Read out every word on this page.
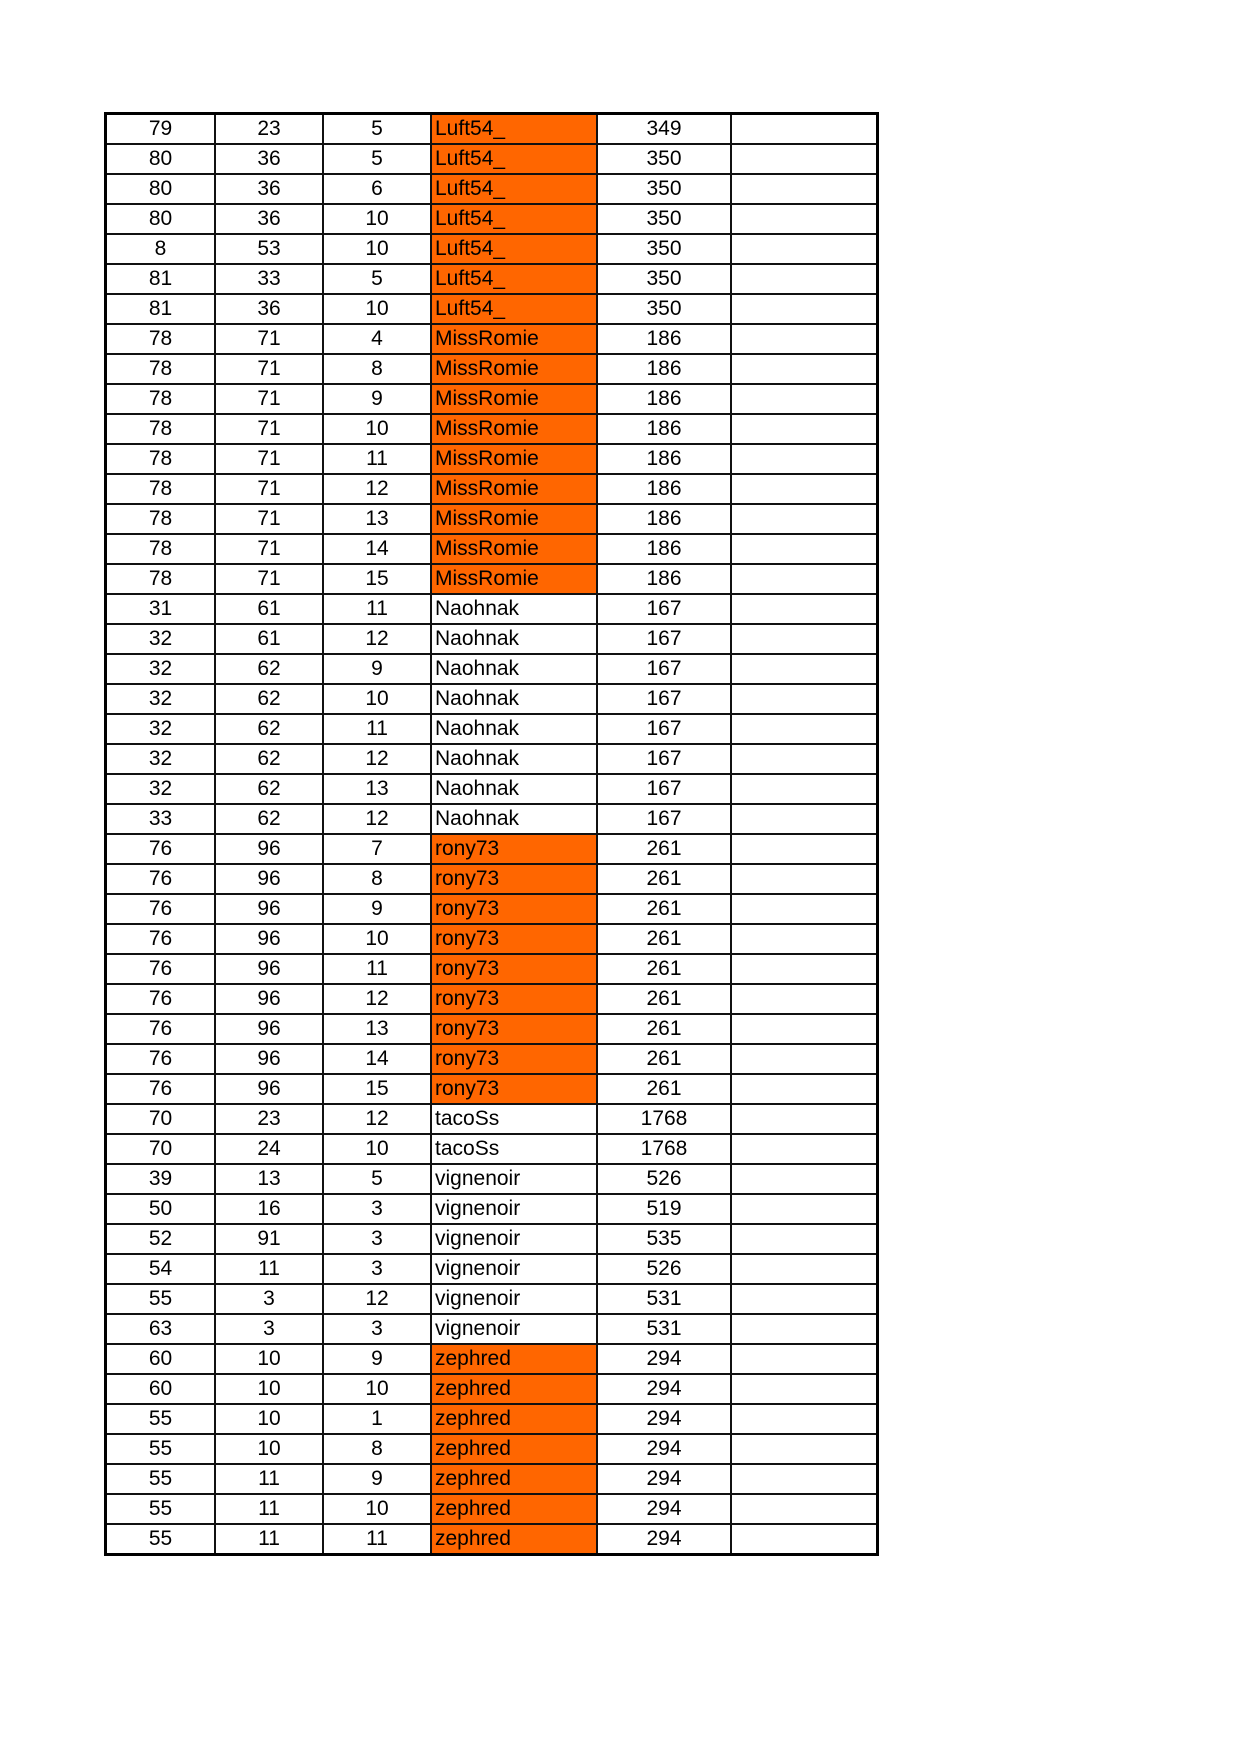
79	23	5	Luft54_	349	
80	36	5	Luft54_	350	
80	36	6	Luft54_	350	
80	36	10	Luft54_	350	
8	53	10	Luft54_	350	
81	33	5	Luft54_	350	
81	36	10	Luft54_	350	
78	71	4	MissRomie	186	
78	71	8	MissRomie	186	
78	71	9	MissRomie	186	
78	71	10	MissRomie	186	
78	71	11	MissRomie	186	
78	71	12	MissRomie	186	
78	71	13	MissRomie	186	
78	71	14	MissRomie	186	
78	71	15	MissRomie	186	
31	61	11	Naohnak	167	
32	61	12	Naohnak	167	
32	62	9	Naohnak	167	
32	62	10	Naohnak	167	
32	62	11	Naohnak	167	
32	62	12	Naohnak	167	
32	62	13	Naohnak	167	
33	62	12	Naohnak	167	
76	96	7	rony73	261	
76	96	8	rony73	261	
76	96	9	rony73	261	
76	96	10	rony73	261	
76	96	11	rony73	261	
76	96	12	rony73	261	
76	96	13	rony73	261	
76	96	14	rony73	261	
76	96	15	rony73	261	
70	23	12	tacoSs	1768	
70	24	10	tacoSs	1768	
39	13	5	vignenoir	526	
50	16	3	vignenoir	519	
52	91	3	vignenoir	535	
54	11	3	vignenoir	526	
55	3	12	vignenoir	531	
63	3	3	vignenoir	531	
60	10	9	zephred	294	
60	10	10	zephred	294	
55	10	1	zephred	294	
55	10	8	zephred	294	
55	11	9	zephred	294	
55	11	10	zephred	294	
55	11	11	zephred	294	
